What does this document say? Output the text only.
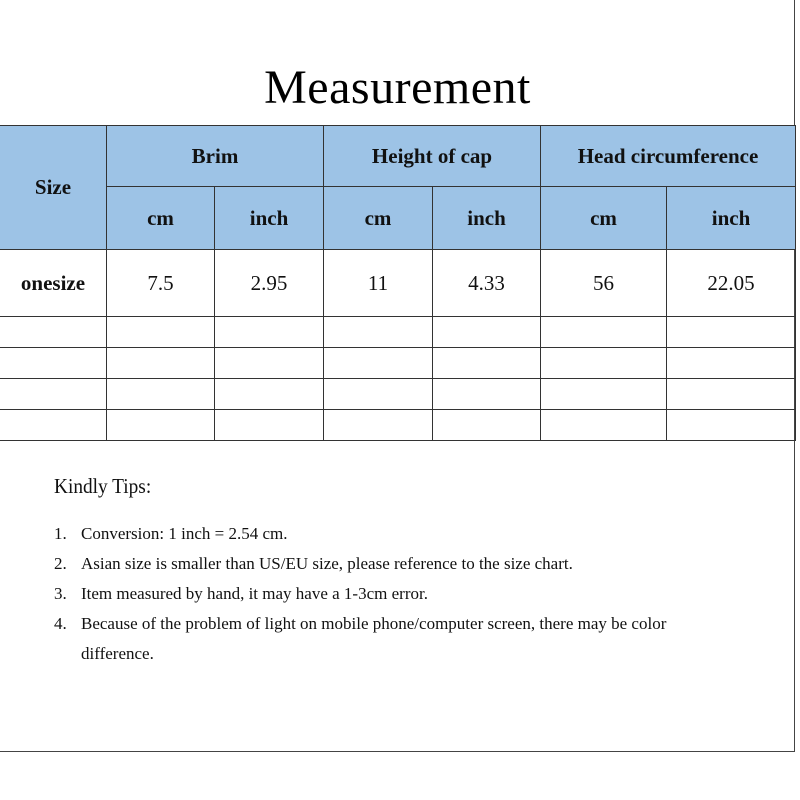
Measurement
Size	Brim		Height of cap		Head circumference	
	cm	inch	cm	inch	cm	inch
onesize	7.5	2.95	11	4.33	56	22.05

Kindly Tips:
1. Conversion: 1 inch = 2.54 cm.
2. Asian size is smaller than US/EU size, please reference to the size chart.
3. Item measured by hand, it may have a 1-3cm error.
4. Because of the problem of light on mobile phone/computer screen, there may be color difference.
